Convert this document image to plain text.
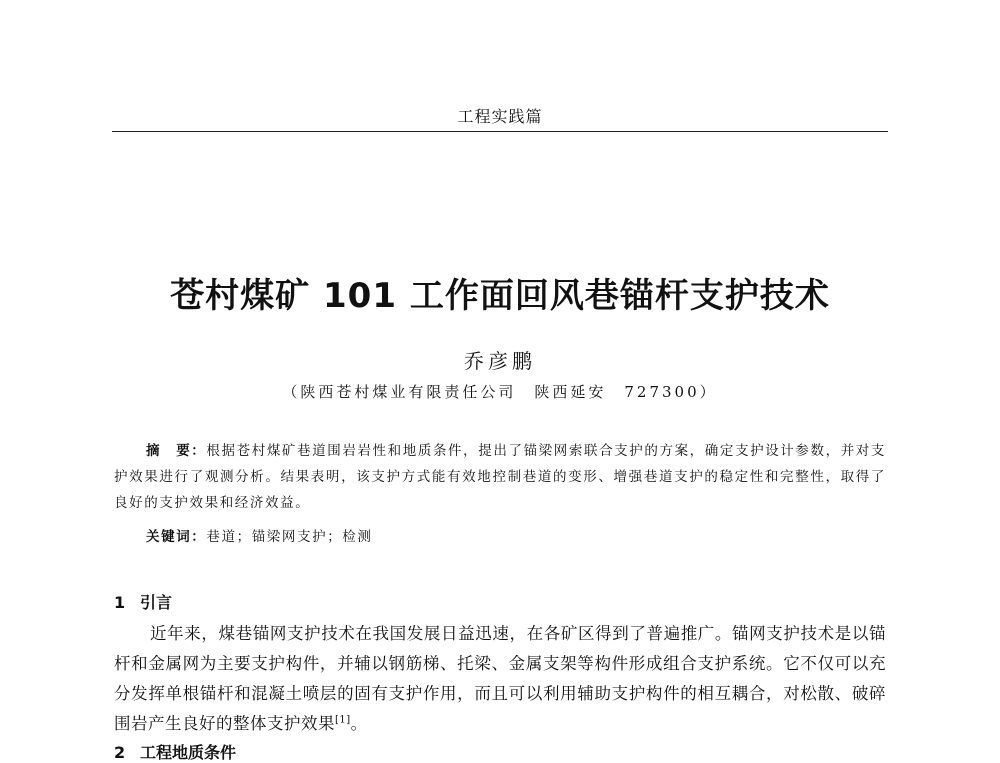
工程实践篇
苍村煤矿 101 工作面回风巷锚杆支护技术
乔彦鹏
（陕西苍村煤业有限责任公司　陕西延安　727300）
摘　要：根据苍村煤矿巷道围岩岩性和地质条件，提出了锚梁网索联合支护的方案，确定支护设计参数，并对支护效果进行了观测分析。结果表明，该支护方式能有效地控制巷道的变形、增强巷道支护的稳定性和完整性，取得了良好的支护效果和经济效益。
关键词：巷道；锚梁网支护；检测
1 引言
近年来，煤巷锚网支护技术在我国发展日益迅速，在各矿区得到了普遍推广。锚网支护技术是以锚杆和金属网为主要支护构件，并辅以钢筋梯、托梁、金属支架等构件形成组合支护系统。它不仅可以充分发挥单根锚杆和混凝土喷层的固有支护作用，而且可以利用辅助支护构件的相互耦合，对松散、破碎围岩产生良好的整体支护效果[1]。
2 工程地质条件
